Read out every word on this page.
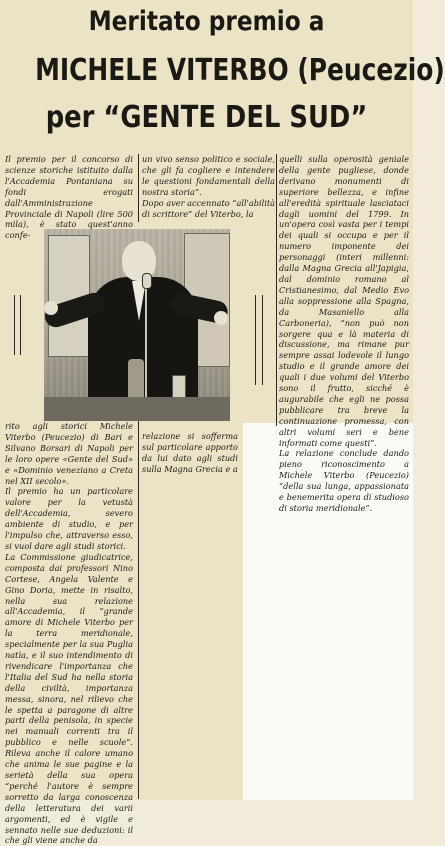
Meritato premio a
MICHELE VITERBO (Peucezio)
per “GENTE DEL SUD”
Il premio per il concorso di scienze storiche istituito dalla l'Accademia Pontaniana su fondi erogati dall'Amministrazione Provinciale di Napoli (lire 500 mila), è stato quest'anno confe-
un vivo senso politico e sociale, che gli fa cogliere e intendere le questioni fondamentali della nostra storia”.
Dopo aver accennato “all'abilità di scrittore” del Viterbo, la
quelli sulla operosità geniale della gente pugliese, donde derivano monumenti di superiore bellezza, e infine all'eredità spirituale lasciataci dagli uomini del 1799. In un'opera così vasta per i tempi dei quali si occupa e per il numero imponente dei personaggi (interi millenni: dalla Magna Grecia all'Japigia, dal dominio romano al Cristianesimo, dal Medio Evo alla soppressione alla Spagna, da Masaniello alla Carboneria), “non può non sorgere qua e là materia di discussione, ma rimane pur sempre assai lodevole il lungo studio e il grande amore dei quali i due volumi del Viterbo sono il frutto, sicché è augurabile che egli ne possa pubblicare tra breve la continuazione promessa, con altri volumi seri e bene informati come questi”.
La relazione conclude dando pieno riconoscimento a Michele Viterbo (Peucezio) “della sua lunga, appassionata e benemerita opera di studioso di storia meridionale”.
rito agli storici Michele Viterbo (Peucezio) di Bari e Silvano Borsari di Napoli per le loro opere «Gente del Sud» e «Dominio veneziano a Creta nel XII secolo».
Il premio ha un particolare valore per la vetustà dell'Accademia, severo ambiente di studio, e per l'impulso che, attraverso esso, si vuol dare agli studi storici.
La Commissione giudicatrice, composta dai professori Nino Cortese, Angela Valente e Gino Doria, mette in risalto, nella sua relazione all'Accademia, il “grande amore di Michele Viterbo per la terra meridionale, specialmente per la sua Puglia natìa, e il suo intendimento di rivendicare l'importanza che l'Italia del Sud ha nella storia della civiltà, importanza messa, sinora, nel rilievo che le spetta a paragone di altre parti della penisola, in specie nei manuali correnti tra il pubblico e nelle scuole”. Rileva anche il calore umano che anima le sue pagine e la serietà della sua opera “perché l'autore è sempre sorretto da larga conoscenza della letteratura dei varii argomenti, ed è vigile e sennato nelle sue deduzioni: il che gli viene anche da
relazione si sofferma sul particolare apporto da lui dato agli studi sulla Magna Grecia e a
